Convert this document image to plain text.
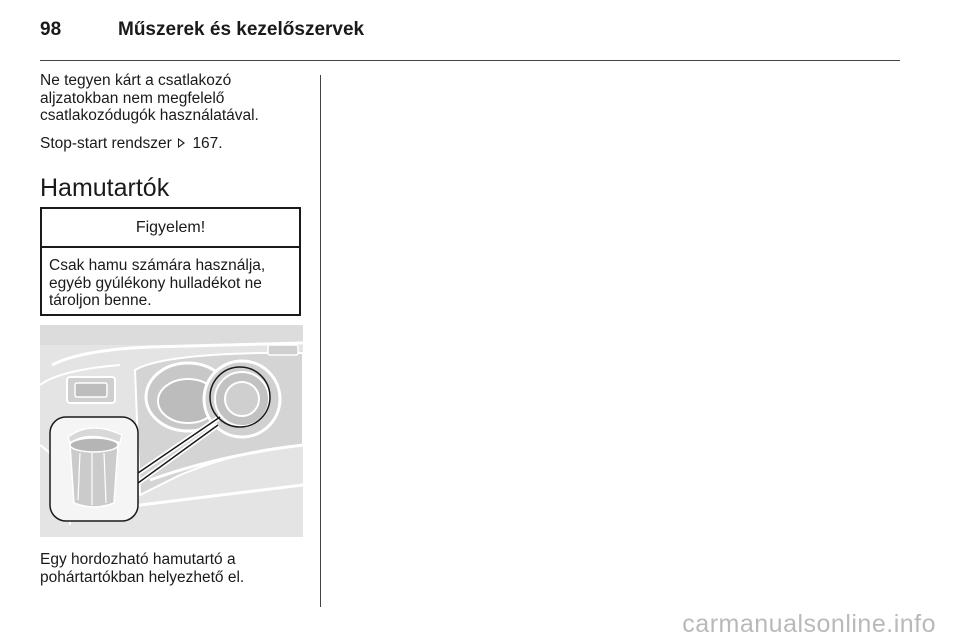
98	Műszerek és kezelőszervek

Ne tegyen kárt a csatlakozó aljzatokban nem megfelelő csatlakozódugók használatával.

Stop-start rendszer 167.

Hamutartók
Figyelem!
Csak hamu számára használja, egyéb gyúlékony hulladékot ne tároljon benne.

Egy hordozható hamutartó a pohártartókban helyezhető el.

carmanualsonline.info
